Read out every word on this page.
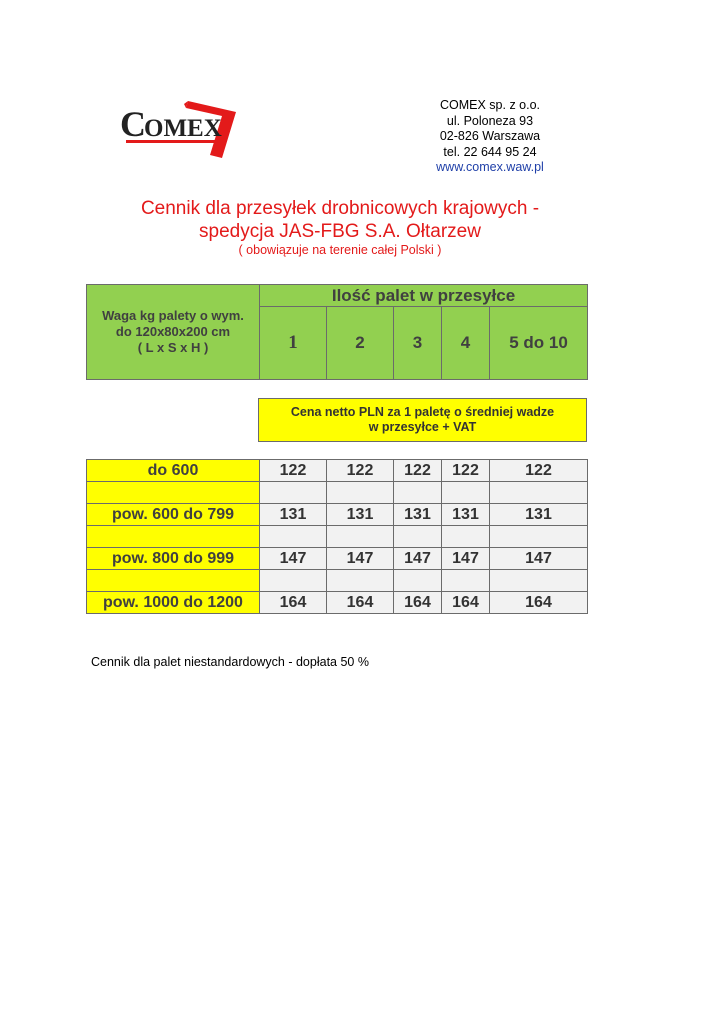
C
OMEX
COMEX sp. z o.o.
ul. Poloneza 93
02-826 Warszawa
tel. 22 644 95 24
www.comex.waw.pl
Cennik dla przesyłek drobnicowych krajowych -
spedycja JAS-FBG S.A. Ołtarzew
( obowiązuje na terenie całej Polski )
Waga kg palety o wym.
do 120x80x200 cm
( L x S x H )	Ilość palet w przesyłce				
	1	2	3	4	5 do 10
Cena netto PLN za 1 paletę o średniej wadze
w przesyłce + VAT
do 600	122	122	122	122	122

pow. 600 do 799	131	131	131	131	131

pow. 800 do 999	147	147	147	147	147

pow. 1000 do 1200	164	164	164	164	164
Cennik dla palet niestandardowych - dopłata 50 %
